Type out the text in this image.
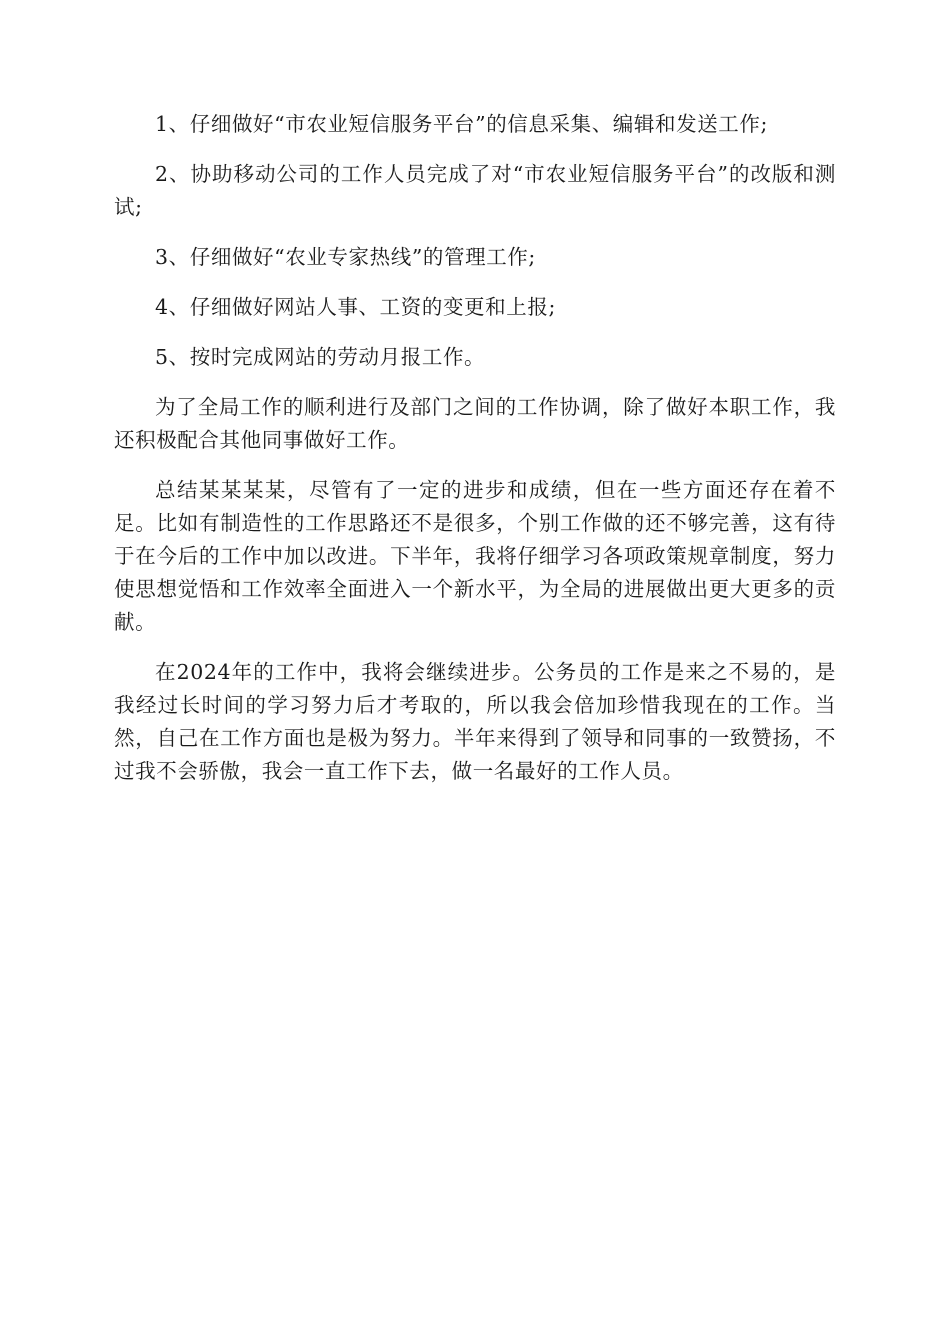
1、仔细做好“市农业短信服务平台”的信息采集、编辑和发送工作;

2、协助移动公司的工作人员完成了对“市农业短信服务平台”的改版和测试;

3、仔细做好“农业专家热线”的管理工作;

4、仔细做好网站人事、工资的变更和上报;

5、按时完成网站的劳动月报工作。

为了全局工作的顺利进行及部门之间的工作协调，除了做好本职工作，我还积极配合其他同事做好工作。

总结某某某某，尽管有了一定的进步和成绩，但在一些方面还存在着不足。比如有制造性的工作思路还不是很多，个别工作做的还不够完善，这有待于在今后的工作中加以改进。下半年，我将仔细学习各项政策规章制度，努力使思想觉悟和工作效率全面进入一个新水平，为全局的进展做出更大更多的贡献。

在2024年的工作中，我将会继续进步。公务员的工作是来之不易的，是我经过长时间的学习努力后才考取的，所以我会倍加珍惜我现在的工作。当然，自己在工作方面也是极为努力。半年来得到了领导和同事的一致赞扬，不过我不会骄傲，我会一直工作下去，做一名最好的工作人员。
